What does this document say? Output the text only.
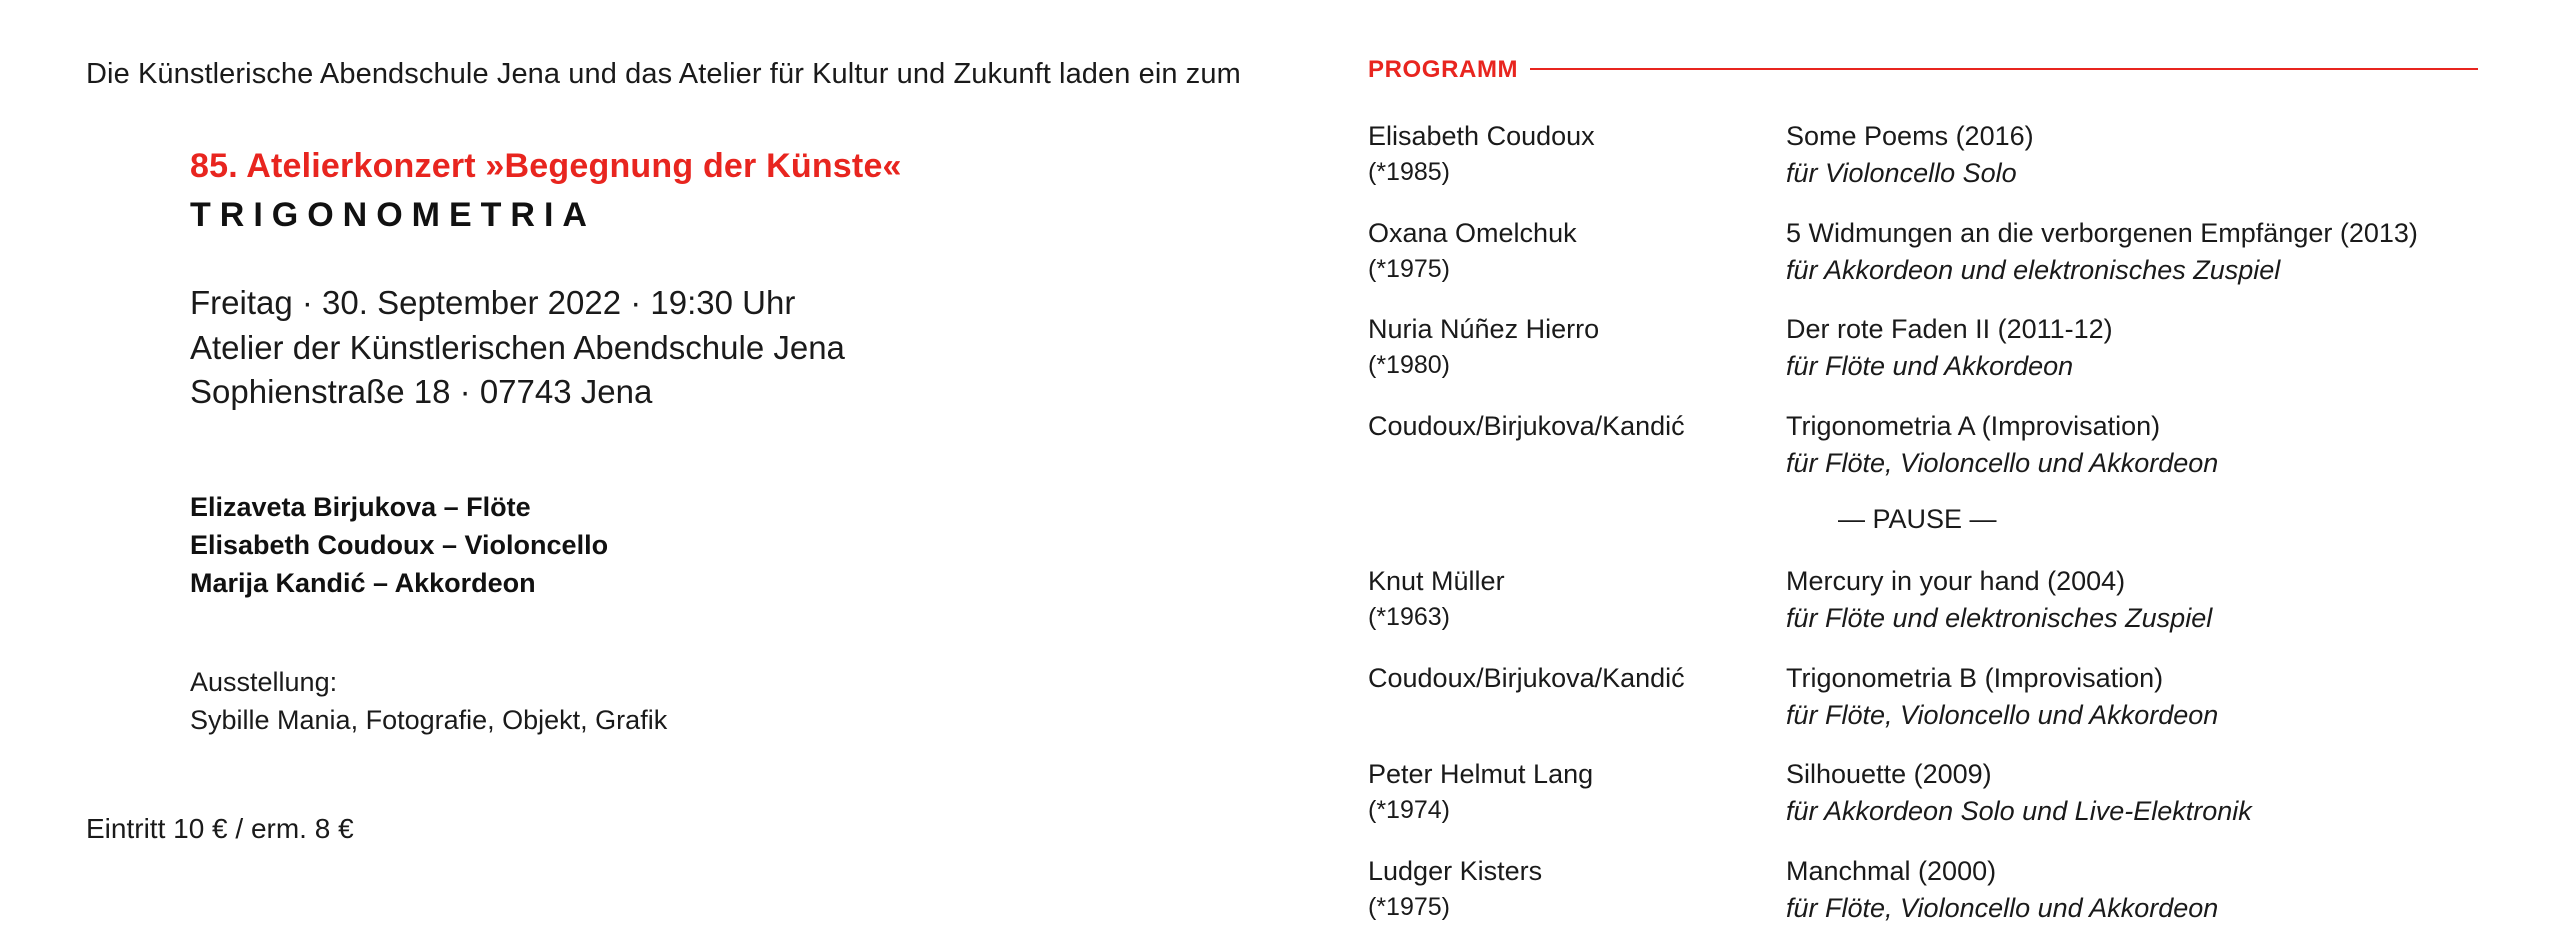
Die Künstlerische Abendschule Jena und das Atelier für Kultur und Zukunft laden ein zum
85. Atelierkonzert »Begegnung der Künste«
TRIGONOMETRIA
Freitag · 30. September 2022 · 19:30 Uhr
Atelier der Künstlerischen Abendschule Jena
Sophienstraße 18 · 07743 Jena
Elizaveta Birjukova – Flöte
Elisabeth Coudoux – Violoncello
Marija Kandić – Akkordeon
Ausstellung:
Sybille Mania, Fotografie, Objekt, Grafik
Eintritt 10 € / erm. 8 €
PROGRAMM
Elisabeth Coudoux
(*1985)
Some Poems (2016)
für Violoncello Solo
Oxana Omelchuk
(*1975)
5 Widmungen an die verborgenen Empfänger (2013)
für Akkordeon und elektronisches Zuspiel
Nuria Núñez Hierro
(*1980)
Der rote Faden II (2011-12)
für Flöte und Akkordeon
Coudoux/Birjukova/Kandić	Trigonometria A (Improvisation)
für Flöte, Violoncello und Akkordeon
— PAUSE —
Knut Müller
(*1963)
Mercury in your hand (2004)
für Flöte und elektronisches Zuspiel
Coudoux/Birjukova/Kandić	Trigonometria B (Improvisation)
für Flöte, Violoncello und Akkordeon
Peter Helmut Lang
(*1974)
Silhouette (2009)
für Akkordeon Solo und Live-Elektronik
Ludger Kisters
(*1975)
Manchmal (2000)
für Flöte, Violoncello und Akkordeon
